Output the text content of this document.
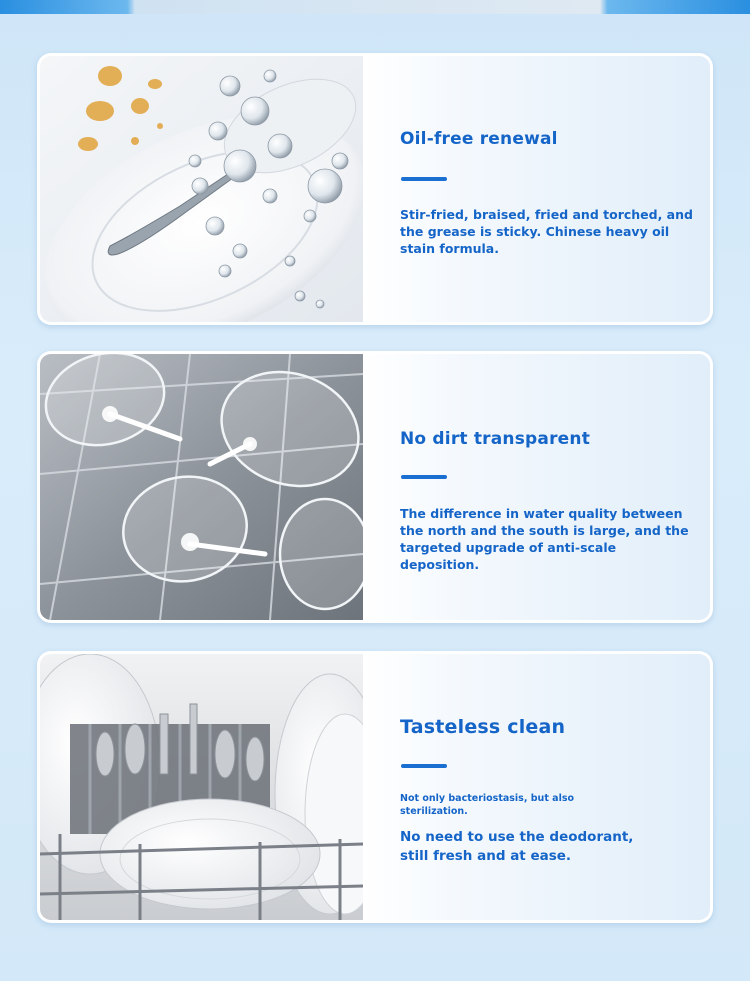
Oil-free renewal
Stir-fried, braised, fried and torched, and the grease is sticky. Chinese heavy oil stain formula.
No dirt transparent
The difference in water quality between the north and the south is large, and the targeted upgrade of anti-scale deposition.
Tasteless clean
Not only bacteriostasis, but also sterilization.
No need to use the deodorant, still fresh and at ease.
